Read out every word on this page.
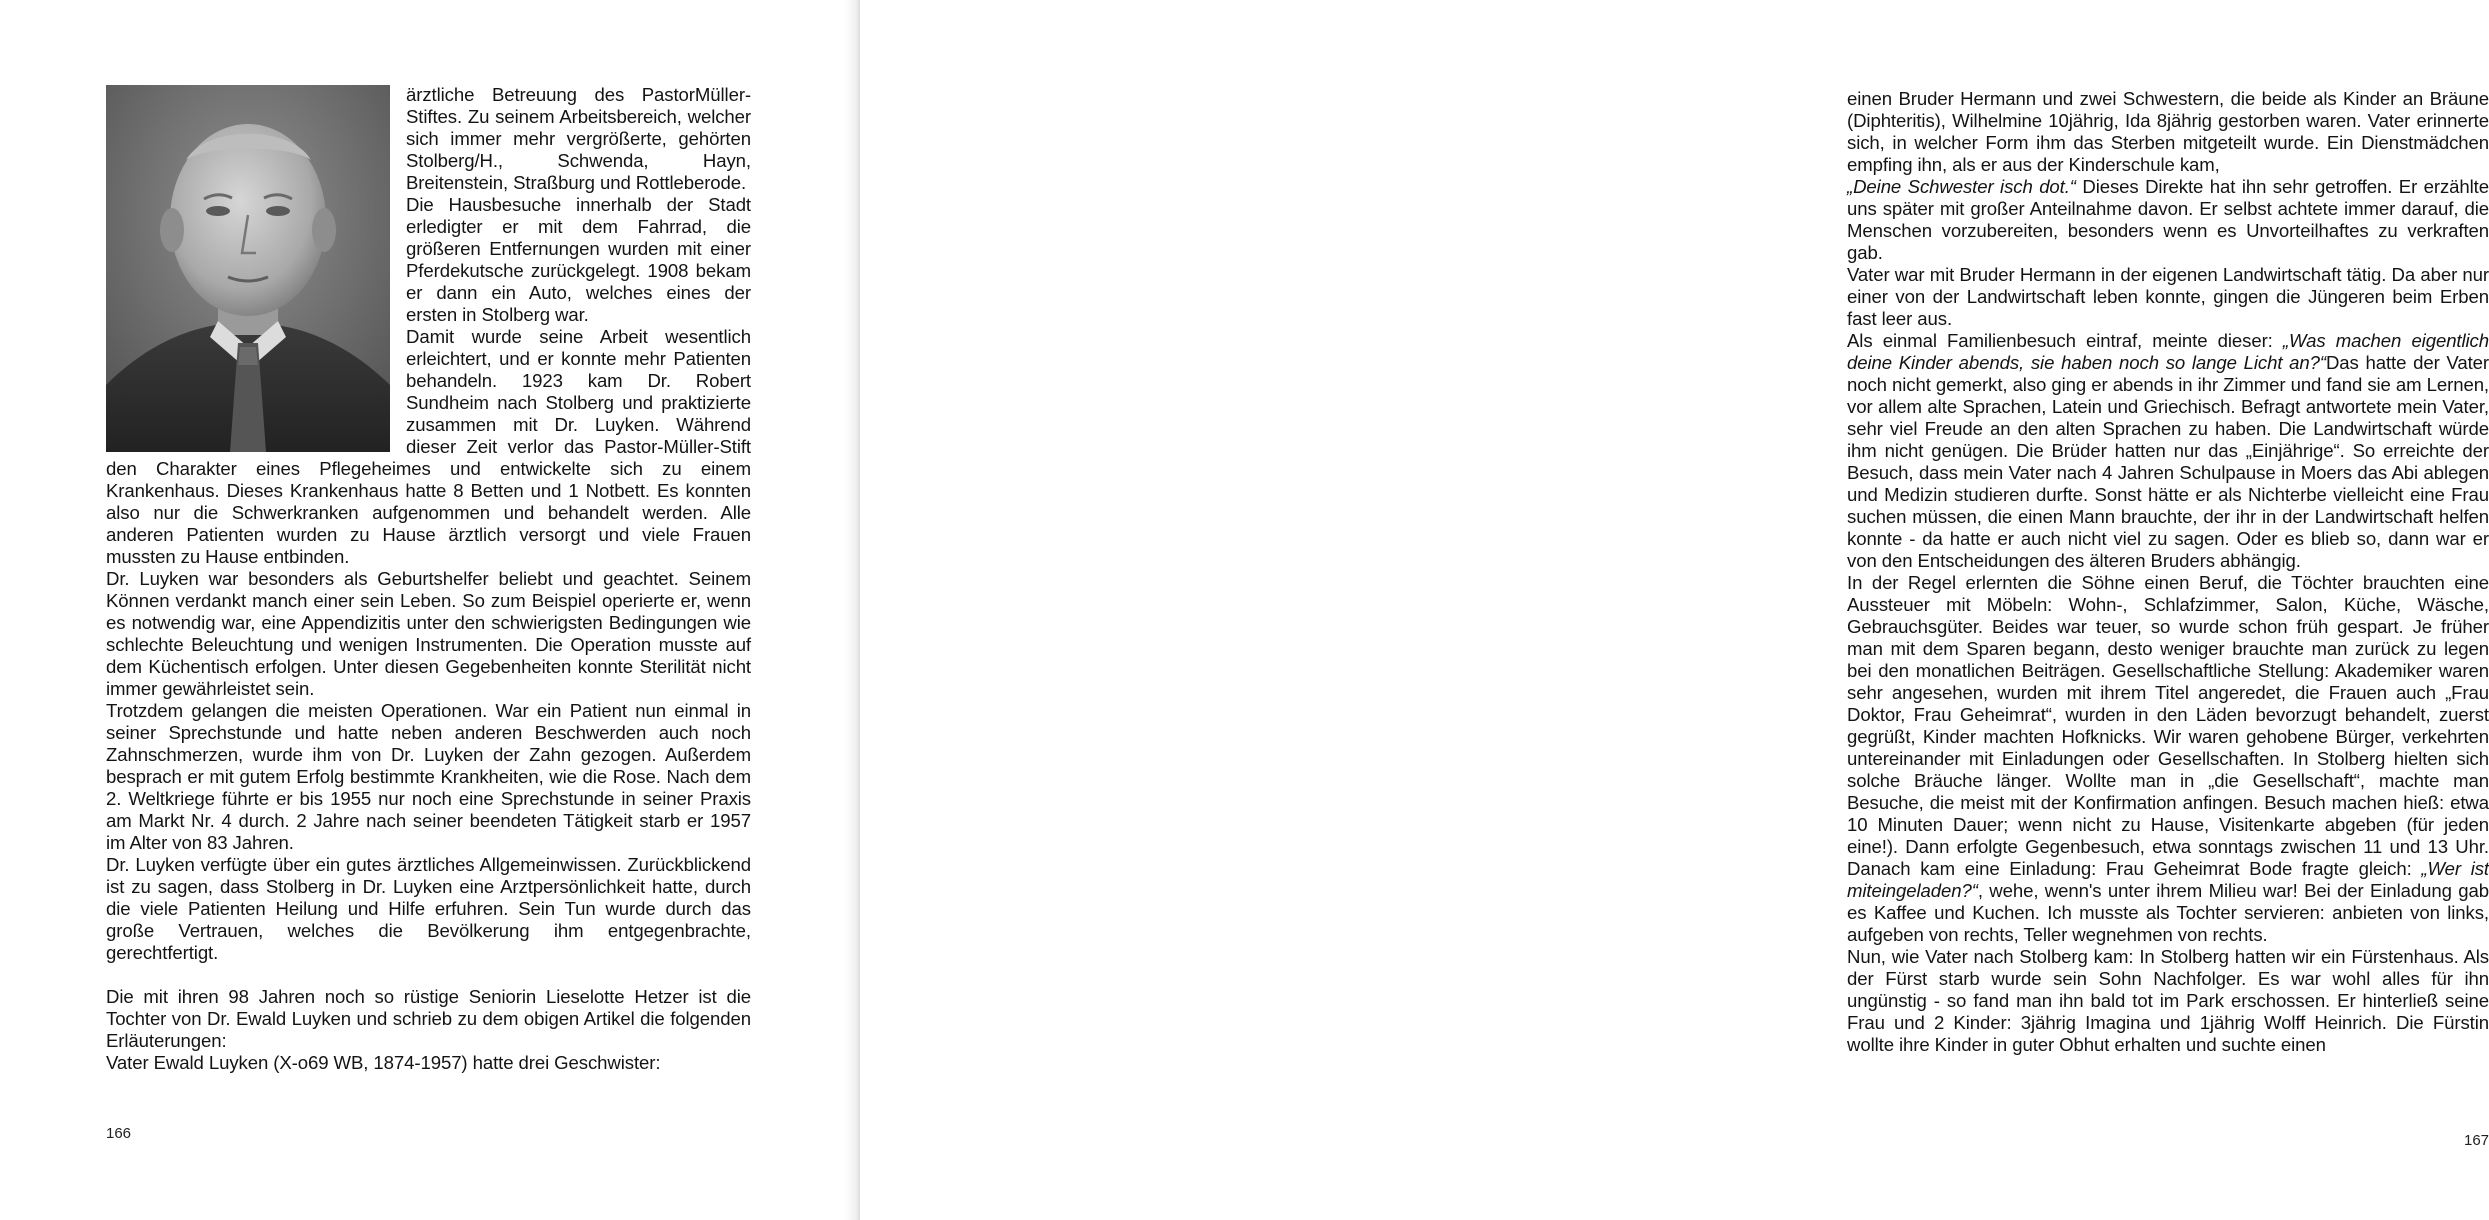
ärztliche Betreuung des PastorMüller-Stiftes. Zu seinem Arbeitsbereich, welcher sich immer mehr vergrößerte, gehörten Stolberg/H., Schwenda, Hayn, Breitenstein, Straßburg und Rottleberode.

Die Hausbesuche innerhalb der Stadt erledigter er mit dem Fahrrad, die größeren Entfernungen wurden mit einer Pferdekutsche zurückgelegt. 1908 bekam er dann ein Auto, welches eines der ersten in Stolberg war.

Damit wurde seine Arbeit wesentlich erleichtert, und er konnte mehr Patienten behandeln. 1923 kam Dr. Robert Sundheim nach Stolberg und praktizierte zusammen mit Dr. Luyken. Während dieser Zeit verlor das Pastor-Müller-Stift den Charakter eines Pflegeheimes und entwickelte sich zu einem Krankenhaus. Dieses Krankenhaus hatte 8 Betten und 1 Notbett. Es konnten also nur die Schwerkranken aufgenommen und behandelt werden. Alle anderen Patienten wurden zu Hause ärztlich versorgt und viele Frauen mussten zu Hause entbinden.

Dr. Luyken war besonders als Geburtshelfer beliebt und geachtet. Seinem Können verdankt manch einer sein Leben. So zum Beispiel operierte er, wenn es notwendig war, eine Appendizitis unter den schwierigsten Bedingungen wie schlechte Beleuchtung und wenigen Instrumenten. Die Operation musste auf dem Küchentisch erfolgen. Unter diesen Gegebenheiten konnte Sterilität nicht immer gewährleistet sein.

Trotzdem gelangen die meisten Operationen. War ein Patient nun einmal in seiner Sprechstunde und hatte neben anderen Beschwerden auch noch Zahnschmerzen, wurde ihm von Dr. Luyken der Zahn gezogen. Außerdem besprach er mit gutem Erfolg bestimmte Krankheiten, wie die Rose. Nach dem 2. Weltkriege führte er bis 1955 nur noch eine Sprechstunde in seiner Praxis am Markt Nr. 4 durch. 2 Jahre nach seiner beendeten Tätigkeit starb er 1957 im Alter von 83 Jahren.

Dr. Luyken verfügte über ein gutes ärztliches Allgemeinwissen. Zurückblickend ist zu sagen, dass Stolberg in Dr. Luyken eine Arztpersönlichkeit hatte, durch die viele Patienten Heilung und Hilfe erfuhren. Sein Tun wurde durch das große Vertrauen, welches die Bevölkerung ihm entgegenbrachte, gerechtfertigt.

Die mit ihren 98 Jahren noch so rüstige Seniorin Lieselotte Hetzer ist die Tochter von Dr. Ewald Luyken und schrieb zu dem obigen Artikel die folgenden Erläuterungen:

Vater Ewald Luyken (X-o69 WB, 1874-1957) hatte drei Geschwister:

166

einen Bruder Hermann und zwei Schwestern, die beide als Kinder an Bräune (Diphteritis), Wilhelmine 10jährig, Ida 8jährig gestorben waren. Vater erinnerte sich, in welcher Form ihm das Sterben mitgeteilt wurde. Ein Dienstmädchen empfing ihn, als er aus der Kinderschule kam,
„Deine Schwester isch dot.“ Dieses Direkte hat ihn sehr getroffen. Er erzählte uns später mit großer Anteilnahme davon. Er selbst achtete immer darauf, die Menschen vorzubereiten, besonders wenn es Unvorteilhaftes zu verkraften gab.

Vater war mit Bruder Hermann in der eigenen Landwirtschaft tätig. Da aber nur einer von der Landwirtschaft leben konnte, gingen die Jüngeren beim Erben fast leer aus.

Als einmal Familienbesuch eintraf, meinte dieser: „Was machen eigentlich deine Kinder abends, sie haben noch so lange Licht an?“Das hatte der Vater noch nicht gemerkt, also ging er abends in ihr Zimmer und fand sie am Lernen, vor allem alte Sprachen, Latein und Griechisch. Befragt antwortete mein Vater, sehr viel Freude an den alten Sprachen zu haben. Die Landwirtschaft würde ihm nicht genügen. Die Brüder hatten nur das „Einjährige“. So erreichte der Besuch, dass mein Vater nach 4 Jahren Schulpause in Moers das Abi ablegen und Medizin studieren durfte. Sonst hätte er als Nichterbe vielleicht eine Frau suchen müssen, die einen Mann brauchte, der ihr in der Landwirtschaft helfen konnte - da hatte er auch nicht viel zu sagen. Oder es blieb so, dann war er von den Entscheidungen des älteren Bruders abhängig.

In der Regel erlernten die Söhne einen Beruf, die Töchter brauchten eine Aussteuer mit Möbeln: Wohn-, Schlafzimmer, Salon, Küche, Wäsche, Gebrauchsgüter. Beides war teuer, so wurde schon früh gespart. Je früher man mit dem Sparen begann, desto weniger brauchte man zurück zu legen bei den monatlichen Beiträgen. Gesellschaftliche Stellung: Akademiker waren sehr angesehen, wurden mit ihrem Titel angeredet, die Frauen auch „Frau Doktor, Frau Geheimrat“, wurden in den Läden bevorzugt behandelt, zuerst gegrüßt, Kinder machten Hofknicks. Wir waren gehobene Bürger, verkehrten untereinander mit Einladungen oder Gesellschaften. In Stolberg hielten sich solche Bräuche länger. Wollte man in „die Gesellschaft“, machte man Besuche, die meist mit der Konfirmation anfingen. Besuch machen hieß: etwa 10 Minuten Dauer; wenn nicht zu Hause, Visitenkarte abgeben (für jeden eine!). Dann erfolgte Gegenbesuch, etwa sonntags zwischen 11 und 13 Uhr. Danach kam eine Einladung: Frau Geheimrat Bode fragte gleich: „Wer ist miteingeladen?“, wehe, wenn's unter ihrem Milieu war! Bei der Einladung gab es Kaffee und Kuchen. Ich musste als Tochter servieren: anbieten von links, aufgeben von rechts, Teller wegnehmen von rechts.

Nun, wie Vater nach Stolberg kam: In Stolberg hatten wir ein Fürstenhaus. Als der Fürst starb wurde sein Sohn Nachfolger. Es war wohl alles für ihn ungünstig - so fand man ihn bald tot im Park erschossen. Er hinterließ seine Frau und 2 Kinder: 3jährig Imagina und 1jährig Wolff Heinrich. Die Fürstin wollte ihre Kinder in guter Obhut erhalten und suchte einen

167
